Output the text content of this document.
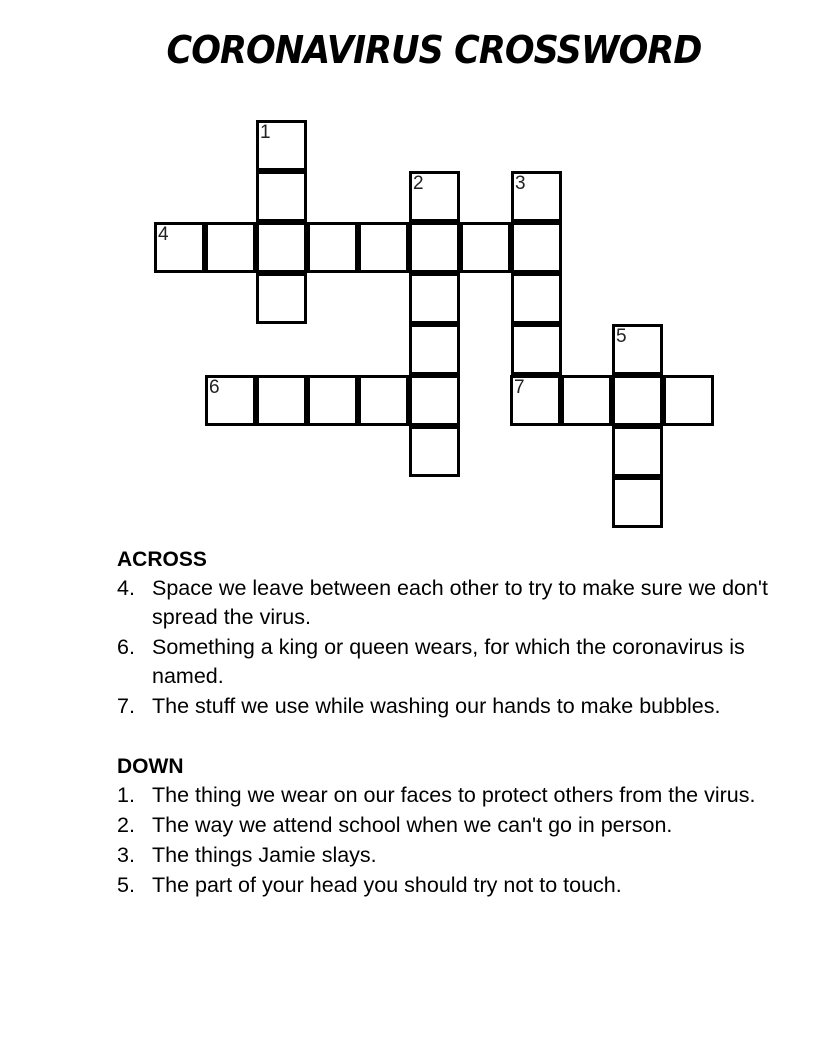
CORONAVIRUS CROSSWORD
1
2	3
4
5
6	7
ACROSS
4. Space we leave between each other to try to make sure we don't spread the virus.
6. Something a king or queen wears, for which the coronavirus is named.
7. The stuff we use while washing our hands to make bubbles.
DOWN
1. The thing we wear on our faces to protect others from the virus.
2. The way we attend school when we can't go in person.
3. The things Jamie slays.
5. The part of your head you should try not to touch.
